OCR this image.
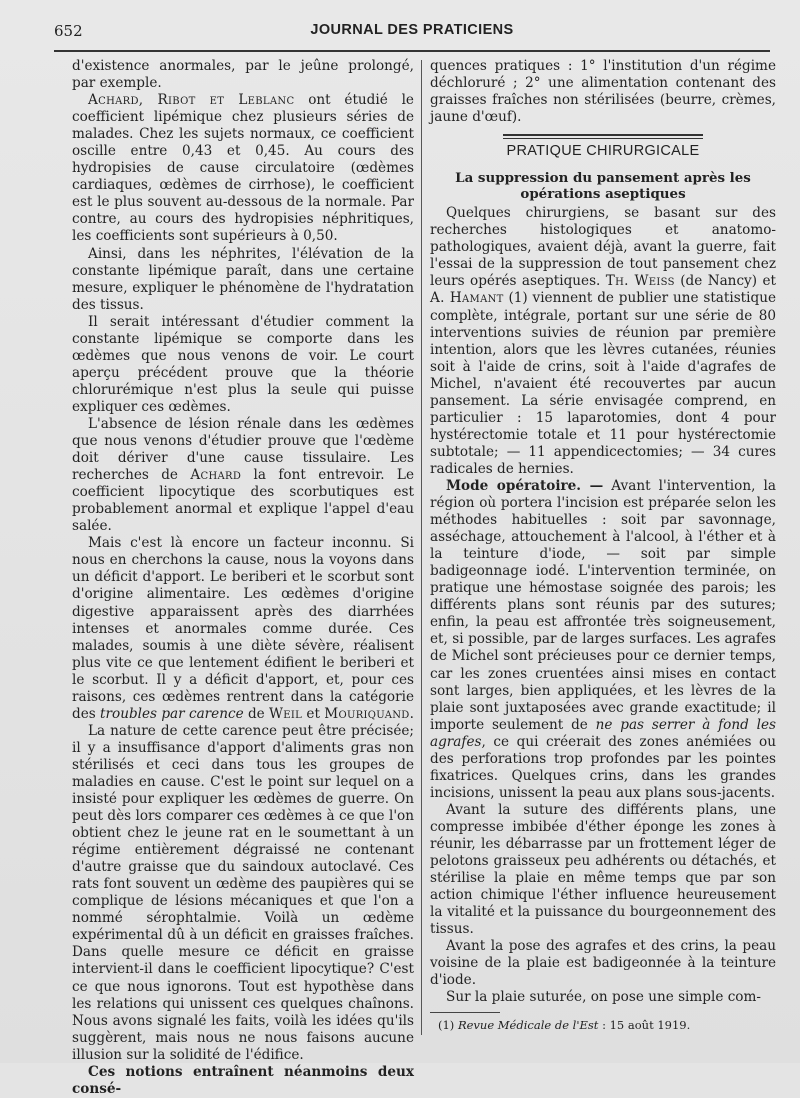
652	JOURNAL DES PRATICIENS

d'existence anormales, par le jeûne prolongé, par exemple.

Achard, Ribot et Leblanc ont étudié le coefficient lipémique chez plusieurs séries de malades. Chez les sujets normaux, ce coefficient oscille entre 0,43 et 0,45. Au cours des hydropisies de cause circulatoire (œdèmes cardiaques, œdèmes de cirrhose), le coefficient est le plus souvent au-dessous de la normale. Par contre, au cours des hydropisies néphritiques, les coefficients sont supérieurs à 0,50.

Ainsi, dans les néphrites, l'élévation de la constante lipémique paraît, dans une certaine mesure, expliquer le phénomène de l'hydratation des tissus.

Il serait intéressant d'étudier comment la constante lipémique se comporte dans les œdèmes que nous venons de voir. Le court aperçu précédent prouve que la théorie chlorurémique n'est plus la seule qui puisse expliquer ces œdèmes.

L'absence de lésion rénale dans les œdèmes que nous venons d'étudier prouve que l'œdème doit dériver d'une cause tissulaire. Les recherches de Achard la font entrevoir. Le coefficient lipocytique des scorbutiques est probablement anormal et explique l'appel d'eau salée.

Mais c'est là encore un facteur inconnu. Si nous en cherchons la cause, nous la voyons dans un déficit d'apport. Le beriberi et le scorbut sont d'origine alimentaire. Les œdèmes d'origine digestive apparaissent après des diarrhées intenses et anormales comme durée. Ces malades, soumis à une diète sévère, réalisent plus vite ce que lentement édifient le beriberi et le scorbut. Il y a déficit d'apport, et, pour ces raisons, ces œdèmes rentrent dans la catégorie des troubles par carence de Weil et Mouriquand.

La nature de cette carence peut être précisée; il y a insuffisance d'apport d'aliments gras non stérilisés et ceci dans tous les groupes de maladies en cause. C'est le point sur lequel on a insisté pour expliquer les œdèmes de guerre. On peut dès lors comparer ces œdèmes à ce que l'on obtient chez le jeune rat en le soumettant à un régime entièrement dégraissé ne contenant d'autre graisse que du saindoux autoclavé. Ces rats font souvent un œdème des paupières qui se complique de lésions mécaniques et que l'on a nommé sérophtalmie. Voilà un œdème expérimental dû à un déficit en graisses fraîches. Dans quelle mesure ce déficit en graisse intervient-il dans le coefficient lipocytique? C'est ce que nous ignorons. Tout est hypothèse dans les relations qui unissent ces quelques chaînons. Nous avons signalé les faits, voilà les idées qu'ils suggèrent, mais nous ne nous faisons aucune illusion sur la solidité de l'édifice.

Ces notions entraînent néanmoins deux consé-

quences pratiques : 1° l'institution d'un régime déchloruré ; 2° une alimentation contenant des graisses fraîches non stérilisées (beurre, crèmes, jaune d'œuf).

PRATIQUE CHIRURGICALE
La suppression du pansement après les opérations aseptiques

Quelques chirurgiens, se basant sur des recherches histologiques et anatomo-pathologiques, avaient déjà, avant la guerre, fait l'essai de la suppression de tout pansement chez leurs opérés aseptiques. Th. Weiss (de Nancy) et A. Hamant (1) viennent de publier une statistique complète, intégrale, portant sur une série de 80 interventions suivies de réunion par première intention, alors que les lèvres cutanées, réunies soit à l'aide de crins, soit à l'aide d'agrafes de Michel, n'avaient été recouvertes par aucun pansement. La série envisagée comprend, en particulier : 15 laparotomies, dont 4 pour hystérectomie totale et 11 pour hystérectomie subtotale; — 11 appendicectomies; — 34 cures radicales de hernies.

Mode opératoire. — Avant l'intervention, la région où portera l'incision est préparée selon les méthodes habituelles : soit par savonnage, asséchage, attouchement à l'alcool, à l'éther et à la teinture d'iode, — soit par simple badigeonnage iodé. L'intervention terminée, on pratique une hémostase soignée des parois; les différents plans sont réunis par des sutures; enfin, la peau est affrontée très soigneusement, et, si possible, par de larges surfaces. Les agrafes de Michel sont précieuses pour ce dernier temps, car les zones cruentées ainsi mises en contact sont larges, bien appliquées, et les lèvres de la plaie sont juxtaposées avec grande exactitude; il importe seulement de ne pas serrer à fond les agrafes, ce qui créerait des zones anémiées ou des perforations trop profondes par les pointes fixatrices. Quelques crins, dans les grandes incisions, unissent la peau aux plans sous-jacents.

Avant la suture des différents plans, une compresse imbibée d'éther éponge les zones à réunir, les débarrasse par un frottement léger de pelotons graisseux peu adhérents ou détachés, et stérilise la plaie en même temps que par son action chimique l'éther influence heureusement la vitalité et la puissance du bourgeonnement des tissus.

Avant la pose des agrafes et des crins, la peau voisine de la plaie est badigeonnée à la teinture d'iode.

Sur la plaie suturée, on pose une simple com-

(1) Revue Médicale de l'Est : 15 août 1919.
